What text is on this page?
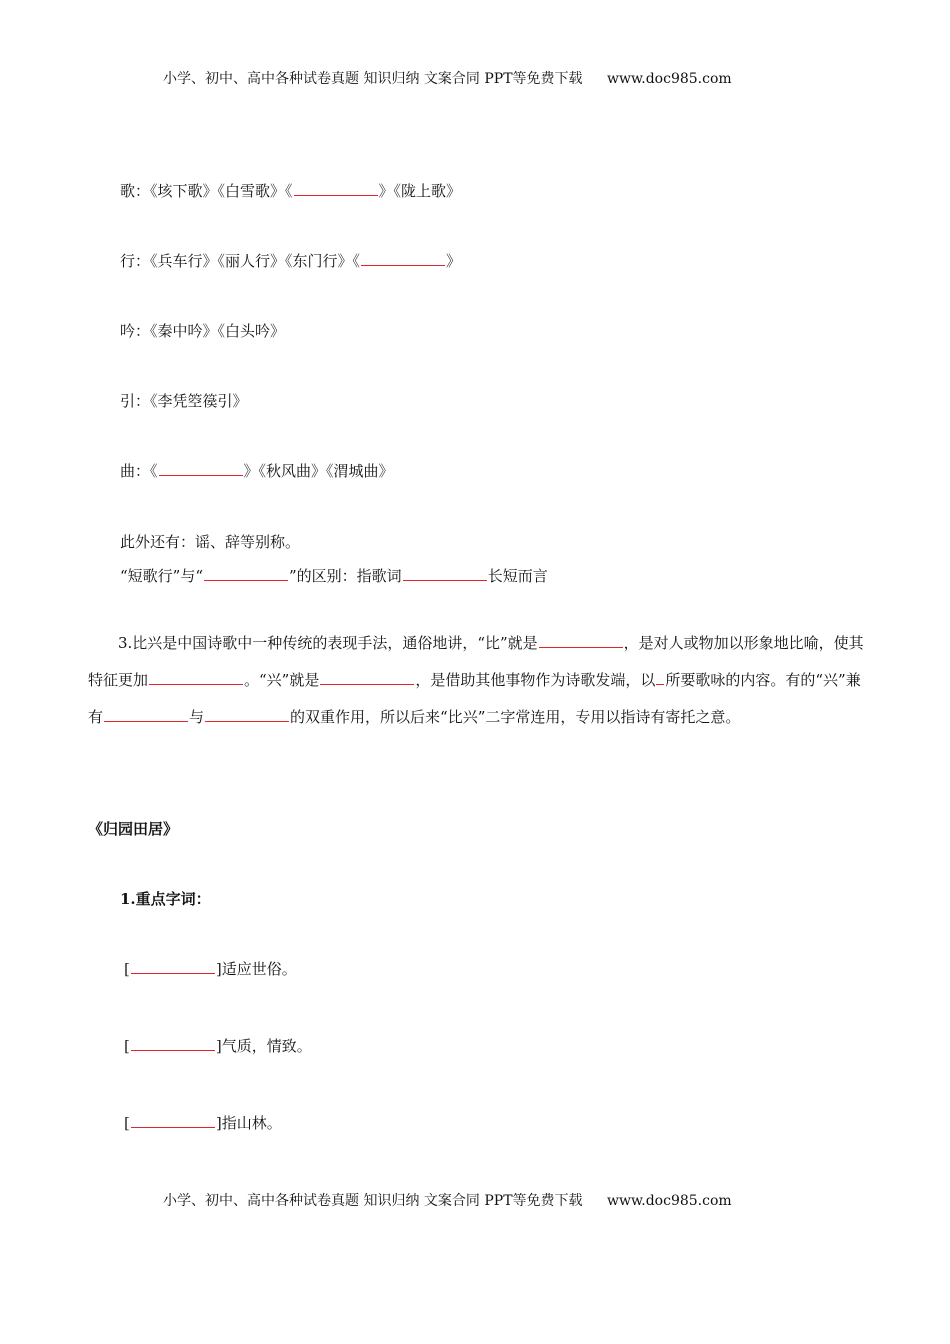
小学、初中、高中各种试卷真题 知识归纳 文案合同 PPT等免费下载 www.doc985.com
歌：《垓下歌》《白雪歌》《	》《陇上歌》
行：《兵车行》《丽人行》《东门行》《	》
吟：《秦中吟》《白头吟》
引：《李凭箜篌引》
曲：《	》《秋风曲》《渭城曲》
此外还有：谣、辞等别称。
“短歌行”与“	”的区别：指歌词	长短而言
3.比兴是中国诗歌中一种传统的表现手法，通俗地讲，“比”就是	，是对人或物加以形象地比喻，使其特征更加	。“兴”就是	，是借助其他事物作为诗歌发端，以 所要歌咏的内容。有的“兴”兼有	与	的双重作用，所以后来“比兴”二字常连用，专用以指诗有寄托之意。
《归园田居》
1.重点字词：
[	]适应世俗。
[	]气质，情致。
[	]指山林。
小学、初中、高中各种试卷真题 知识归纳 文案合同 PPT等免费下载 www.doc985.com
